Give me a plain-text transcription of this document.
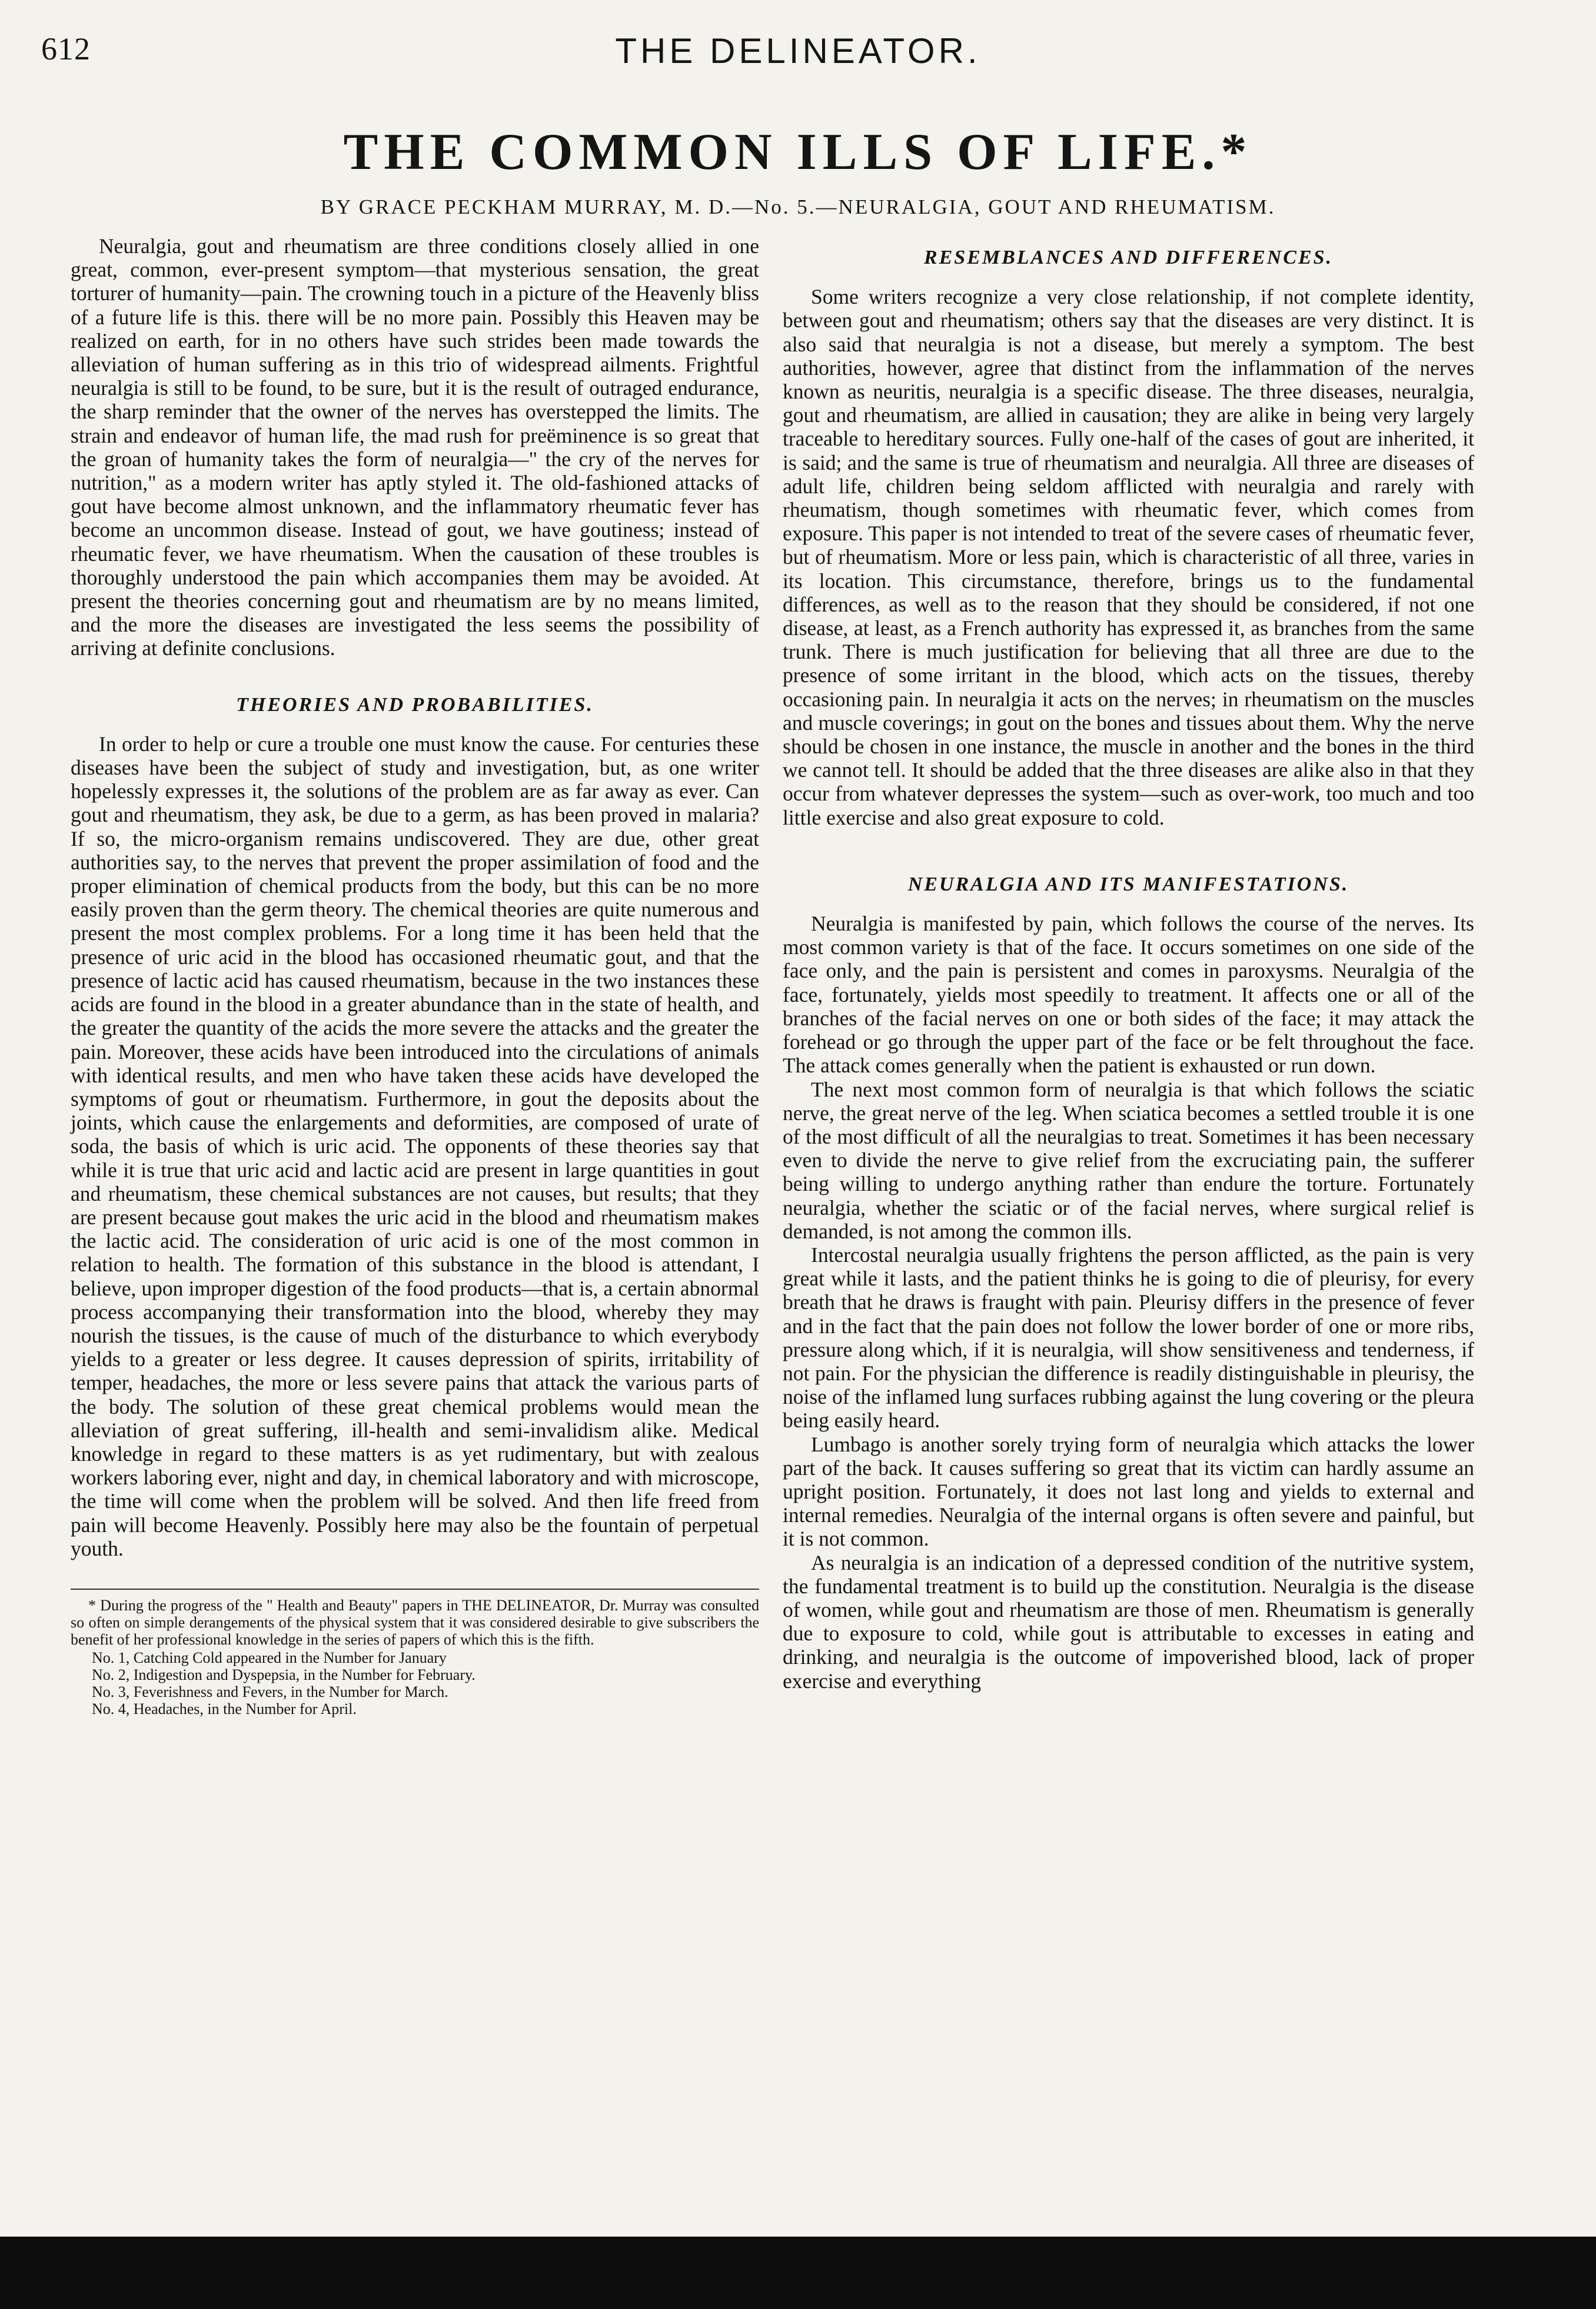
612	THE DELINEATOR.
THE COMMON ILLS OF LIFE.*
BY GRACE PECKHAM MURRAY, M. D.—No. 5.—NEURALGIA, GOUT AND RHEUMATISM.

Neuralgia, gout and rheumatism are three conditions closely allied in one great, common, ever-present symptom—that mysterious sensation, the great torturer of humanity—pain. The crowning touch in a picture of the Heavenly bliss of a future life is this. there will be no more pain. Possibly this Heaven may be realized on earth, for in no others have such strides been made towards the alleviation of human suffering as in this trio of widespread ailments. Frightful neuralgia is still to be found, to be sure, but it is the result of outraged endurance, the sharp reminder that the owner of the nerves has overstepped the limits. The strain and endeavor of human life, the mad rush for preëminence is so great that the groan of humanity takes the form of neuralgia—" the cry of the nerves for nutrition," as a modern writer has aptly styled it. The old-fashioned attacks of gout have become almost unknown, and the inflammatory rheumatic fever has become an uncommon disease. Instead of gout, we have goutiness; instead of rheumatic fever, we have rheumatism. When the causation of these troubles is thoroughly understood the pain which accompanies them may be avoided. At present the theories concerning gout and rheumatism are by no means limited, and the more the diseases are investigated the less seems the possibility of arriving at definite conclusions.

THEORIES AND PROBABILITIES.

In order to help or cure a trouble one must know the cause. For centuries these diseases have been the subject of study and investigation, but, as one writer hopelessly expresses it, the solutions of the problem are as far away as ever. Can gout and rheumatism, they ask, be due to a germ, as has been proved in malaria? If so, the micro-organism remains undiscovered. They are due, other great authorities say, to the nerves that prevent the proper assimilation of food and the proper elimination of chemical products from the body, but this can be no more easily proven than the germ theory. The chemical theories are quite numerous and present the most complex problems. For a long time it has been held that the presence of uric acid in the blood has occasioned rheumatic gout, and that the presence of lactic acid has caused rheumatism, because in the two instances these acids are found in the blood in a greater abundance than in the state of health, and the greater the quantity of the acids the more severe the attacks and the greater the pain. Moreover, these acids have been introduced into the circulations of animals with identical results, and men who have taken these acids have developed the symptoms of gout or rheumatism. Furthermore, in gout the deposits about the joints, which cause the enlargements and deformities, are composed of urate of soda, the basis of which is uric acid. The opponents of these theories say that while it is true that uric acid and lactic acid are present in large quantities in gout and rheumatism, these chemical substances are not causes, but results; that they are present because gout makes the uric acid in the blood and rheumatism makes the lactic acid. The consideration of uric acid is one of the most common in relation to health. The formation of this substance in the blood is attendant, I believe, upon improper digestion of the food products—that is, a certain abnormal process accompanying their transformation into the blood, whereby they may nourish the tissues, is the cause of much of the disturbance to which everybody yields to a greater or less degree. It causes depression of spirits, irritability of temper, headaches, the more or less severe pains that attack the various parts of the body. The solution of these great chemical problems would mean the alleviation of great suffering, ill-health and semi-invalidism alike. Medical knowledge in regard to these matters is as yet rudimentary, but with zealous workers laboring ever, night and day, in chemical laboratory and with microscope, the time will come when the problem will be solved. And then life freed from pain will become Heavenly. Possibly here may also be the fountain of perpetual youth.

* During the progress of the " Health and Beauty" papers in THE DELINEATOR, Dr. Murray was consulted so often on simple derangements of the physical system that it was considered desirable to give subscribers the benefit of her professional knowledge in the series of papers of which this is the fifth.
No. 1, Catching Cold appeared in the Number for January
No. 2, Indigestion and Dyspepsia, in the Number for February.
No. 3, Feverishness and Fevers, in the Number for March.
No. 4, Headaches, in the Number for April.
RESEMBLANCES AND DIFFERENCES.

Some writers recognize a very close relationship, if not complete identity, between gout and rheumatism; others say that the diseases are very distinct. It is also said that neuralgia is not a disease, but merely a symptom. The best authorities, however, agree that distinct from the inflammation of the nerves known as neuritis, neuralgia is a specific disease. The three diseases, neuralgia, gout and rheumatism, are allied in causation; they are alike in being very largely traceable to hereditary sources. Fully one-half of the cases of gout are inherited, it is said; and the same is true of rheumatism and neuralgia. All three are diseases of adult life, children being seldom afflicted with neuralgia and rarely with rheumatism, though sometimes with rheumatic fever, which comes from exposure. This paper is not intended to treat of the severe cases of rheumatic fever, but of rheumatism. More or less pain, which is characteristic of all three, varies in its location. This circumstance, therefore, brings us to the fundamental differences, as well as to the reason that they should be considered, if not one disease, at least, as a French authority has expressed it, as branches from the same trunk. There is much justification for believing that all three are due to the presence of some irritant in the blood, which acts on the tissues, thereby occasioning pain. In neuralgia it acts on the nerves; in rheumatism on the muscles and muscle coverings; in gout on the bones and tissues about them. Why the nerve should be chosen in one instance, the muscle in another and the bones in the third we cannot tell. It should be added that the three diseases are alike also in that they occur from whatever depresses the system—such as over-work, too much and too little exercise and also great exposure to cold.

NEURALGIA AND ITS MANIFESTATIONS.

Neuralgia is manifested by pain, which follows the course of the nerves. Its most common variety is that of the face. It occurs sometimes on one side of the face only, and the pain is persistent and comes in paroxysms. Neuralgia of the face, fortunately, yields most speedily to treatment. It affects one or all of the branches of the facial nerves on one or both sides of the face; it may attack the forehead or go through the upper part of the face or be felt throughout the face. The attack comes generally when the patient is exhausted or run down.

The next most common form of neuralgia is that which follows the sciatic nerve, the great nerve of the leg. When sciatica becomes a settled trouble it is one of the most difficult of all the neuralgias to treat. Sometimes it has been necessary even to divide the nerve to give relief from the excruciating pain, the sufferer being willing to undergo anything rather than endure the torture. Fortunately neuralgia, whether the sciatic or of the facial nerves, where surgical relief is demanded, is not among the common ills.

Intercostal neuralgia usually frightens the person afflicted, as the pain is very great while it lasts, and the patient thinks he is going to die of pleurisy, for every breath that he draws is fraught with pain. Pleurisy differs in the presence of fever and in the fact that the pain does not follow the lower border of one or more ribs, pressure along which, if it is neuralgia, will show sensitiveness and tenderness, if not pain. For the physician the difference is readily distinguishable in pleurisy, the noise of the inflamed lung surfaces rubbing against the lung covering or the pleura being easily heard.

Lumbago is another sorely trying form of neuralgia which attacks the lower part of the back. It causes suffering so great that its victim can hardly assume an upright position. Fortunately, it does not last long and yields to external and internal remedies. Neuralgia of the internal organs is often severe and painful, but it is not common.

As neuralgia is an indication of a depressed condition of the nutritive system, the fundamental treatment is to build up the constitution. Neuralgia is the disease of women, while gout and rheumatism are those of men. Rheumatism is generally due to exposure to cold, while gout is attributable to excesses in eating and drinking, and neuralgia is the outcome of impoverished blood, lack of proper exercise and everything
